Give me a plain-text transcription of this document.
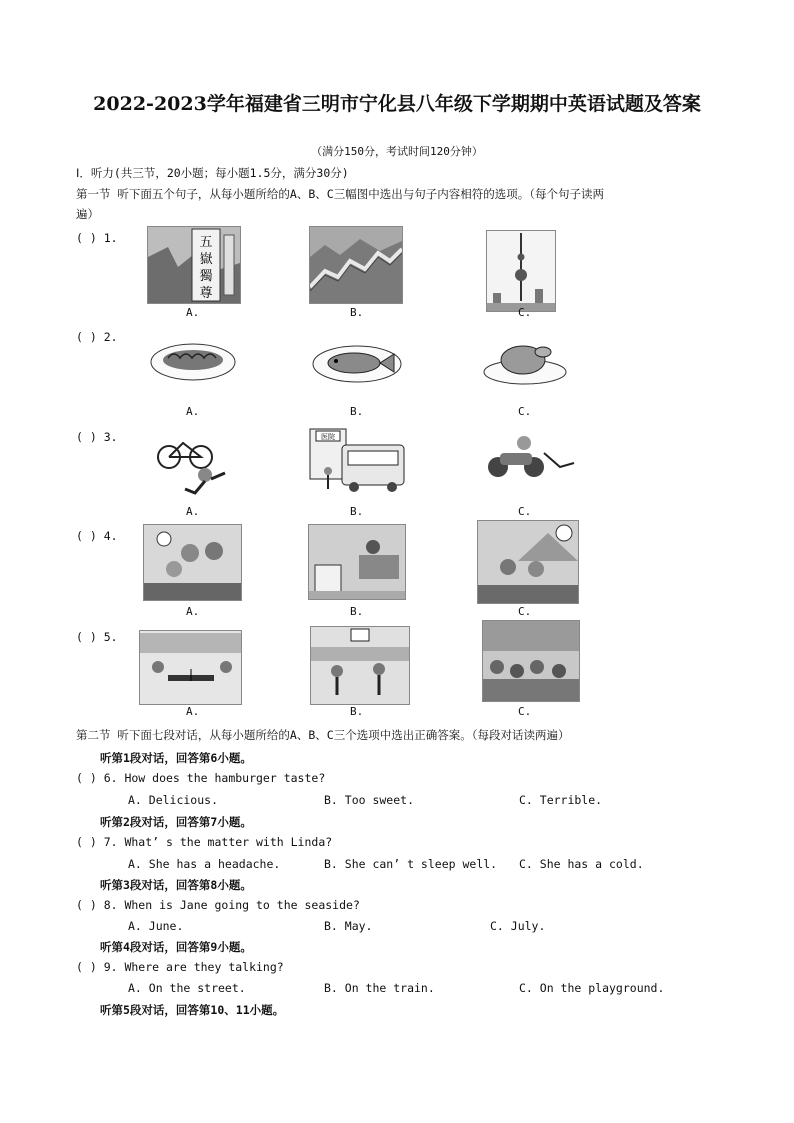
2022-2023学年福建省三明市宁化县八年级下学期期中英语试题及答案
（满分150分，考试时间120分钟）
Ⅰ．听力(共三节，20小题；每小题1.5分，满分30分)
第一节 听下面五个句子，从每小题所给的A、B、C三幅图中选出与句子内容相符的选项。（每个句子读两
遍）
( ) 1.	五
嶽
獨
尊
A.	B.	C.
( ) 2.
A.	B.	C.
( ) 3.	医院
A.	B.	C.
( ) 4.
A.	B.	C.
( ) 5.
A.	B.	C.
第二节 听下面七段对话，从每小题所给的A、B、C三个选项中选出正确答案。（每段对话读两遍）
听第1段对话，回答第6小题。
( ) 6. How does the hamburger taste?
A. Delicious.	B. Too sweet.	C. Terrible.
听第2段对话，回答第7小题。
( ) 7. What’ s the matter with Linda?
A. She has a headache.	B. She can’ t sleep well. C. She has a cold.
听第3段对话，回答第8小题。
( ) 8. When is Jane going to the seaside?
A. June.	B. May.	C. July.
听第4段对话，回答第9小题。
( ) 9. Where are they talking?
A. On the street.	B. On the train.	C. On the playground.
听第5段对话，回答第10、11小题。
